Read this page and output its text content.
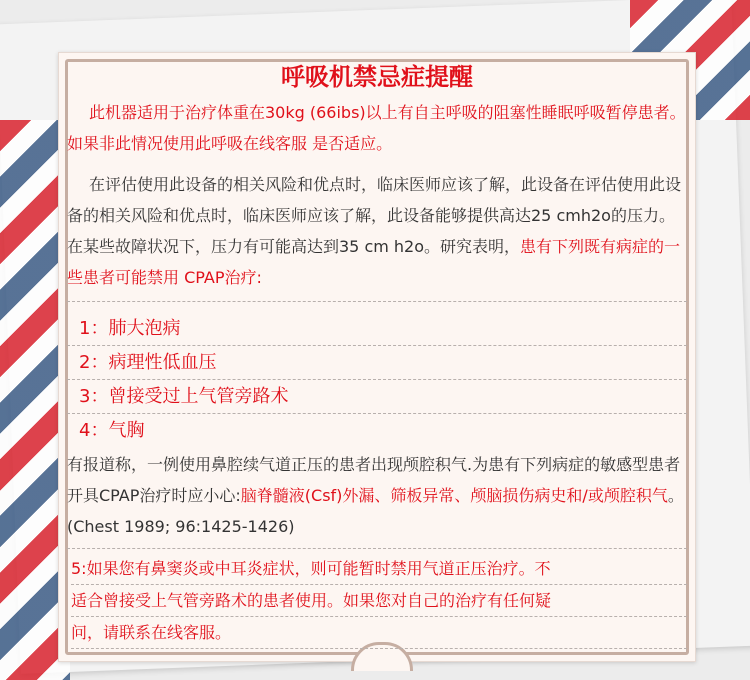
呼吸机禁忌症提醒
此机器适用于治疗体重在30kg (66ibs)以上有自主呼吸的阻塞性睡眠呼吸暂停患者。如果非此情况使用此呼吸在线客服 是否适应。
在评估使用此设备的相关风险和优点时，临床医师应该了解，此设备在评估使用此设备的相关风险和优点时，临床医师应该了解，此设备能够提供高达25 cmh2o的压力。在某些故障状况下，压力有可能高达到35 cm h2o。研究表明，患有下列既有病症的一些患者可能禁用 CPAP治疗:
1：肺大泡病
2：病理性低血压
3：曾接受过上气管旁路术
4：气胸
有报道称，一例使用鼻腔续气道正压的患者出现颅腔积气.为患有下列病症的敏感型患者开具CPAP治疗时应小心:脑脊髓液(Csf)外漏、筛板异常、颅脑损伤病史和/或颅腔积气。(Chest 1989; 96:1425-1426)
5:如果您有鼻窦炎或中耳炎症状，则可能暂时禁用气道正压治疗。不
适合曾接受上气管旁路术的患者使用。如果您对自己的治疗有任何疑
问，请联系在线客服。
